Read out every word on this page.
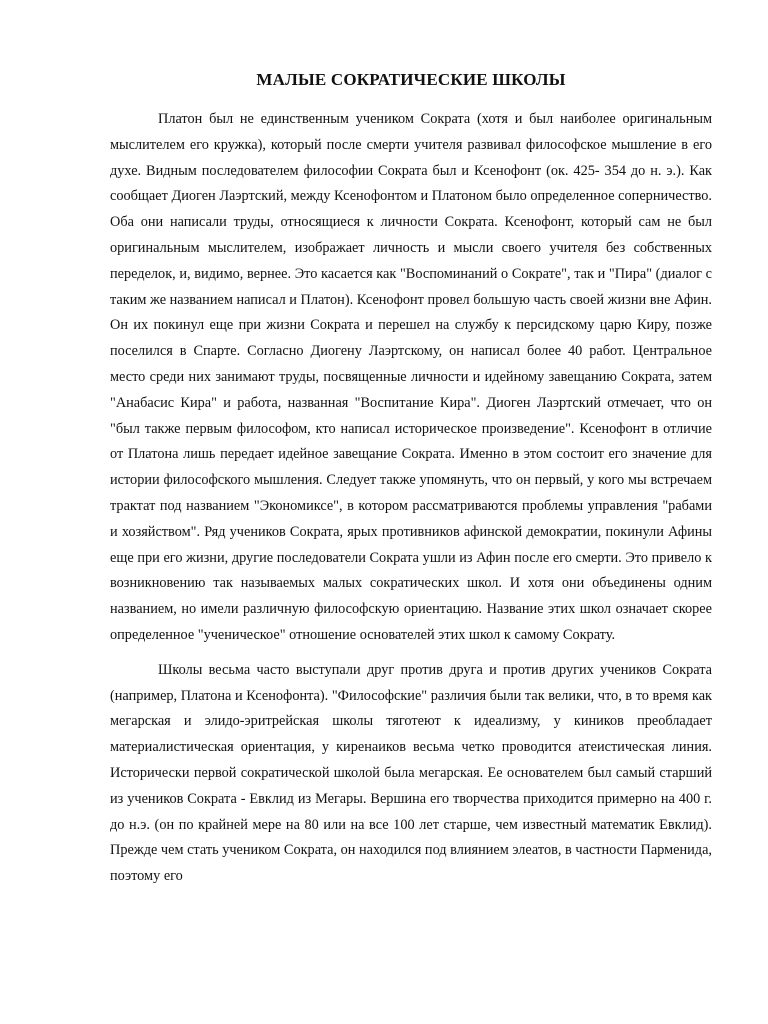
МАЛЫЕ СОКРАТИЧЕСКИЕ ШКОЛЫ

Платон был не единственным учеником Сократа (хотя и был наиболее оригинальным мыслителем его кружка), который после смерти учителя развивал философское мышление в его духе. Видным последователем философии Сократа был и Ксенофонт (ок. 425- 354 до н. э.). Как сообщает Диоген Лаэртский, между Ксенофонтом и Платоном было определенное соперничество. Оба они написали труды, относящиеся к личности Сократа. Ксенофонт, который сам не был оригинальным мыслителем, изображает личность и мысли своего учителя без собственных переделок, и, видимо, вернее. Это касается как "Воспоминаний о Сократе", так и "Пира" (диалог с таким же названием написал и Платон). Ксенофонт провел большую часть своей жизни вне Афин. Он их покинул еще при жизни Сократа и перешел на службу к персидскому царю Киру, позже поселился в Спарте. Согласно Диогену Лаэртскому, он написал более 40 работ. Центральное место среди них занимают труды, посвященные личности и идейному завещанию Сократа, затем "Анабасис Кира" и работа, названная "Воспитание Кира". Диоген Лаэртский отмечает, что он "был также первым философом, кто написал историческое произведение". Ксенофонт в отличие от Платона лишь передает идейное завещание Сократа. Именно в этом состоит его значение для истории философского мышления. Следует также упомянуть, что он первый, у кого мы встречаем трактат под названием "Экономиксе", в котором рассматриваются проблемы управления "рабами и хозяйством". Ряд учеников Сократа, ярых противников афинской демократии, покинули Афины еще при его жизни, другие последователи Сократа ушли из Афин после его смерти. Это привело к возникновению так называемых малых сократических школ. И хотя они объединены одним названием, но имели различную философскую ориентацию. Название этих школ означает скорее определенное "ученическое" отношение основателей этих школ к самому Сократу.

Школы весьма часто выступали друг против друга и против других учеников Сократа (например, Платона и Ксенофонта). "Философские" различия были так велики, что, в то время как мегарская и элидо-эритрейская школы тяготеют к идеализму, у киников преобладает материалистическая ориентация, у киренаиков весьма четко проводится атеистическая линия. Исторически первой сократической школой была мегарская. Ее основателем был самый старший из учеников Сократа - Евклид из Мегары. Вершина его творчества приходится примерно на 400 г. до н.э. (он по крайней мере на 80 или на все 100 лет старше, чем известный математик Евклид). Прежде чем стать учеником Сократа, он находился под влиянием элеатов, в частности Парменида, поэтому его
